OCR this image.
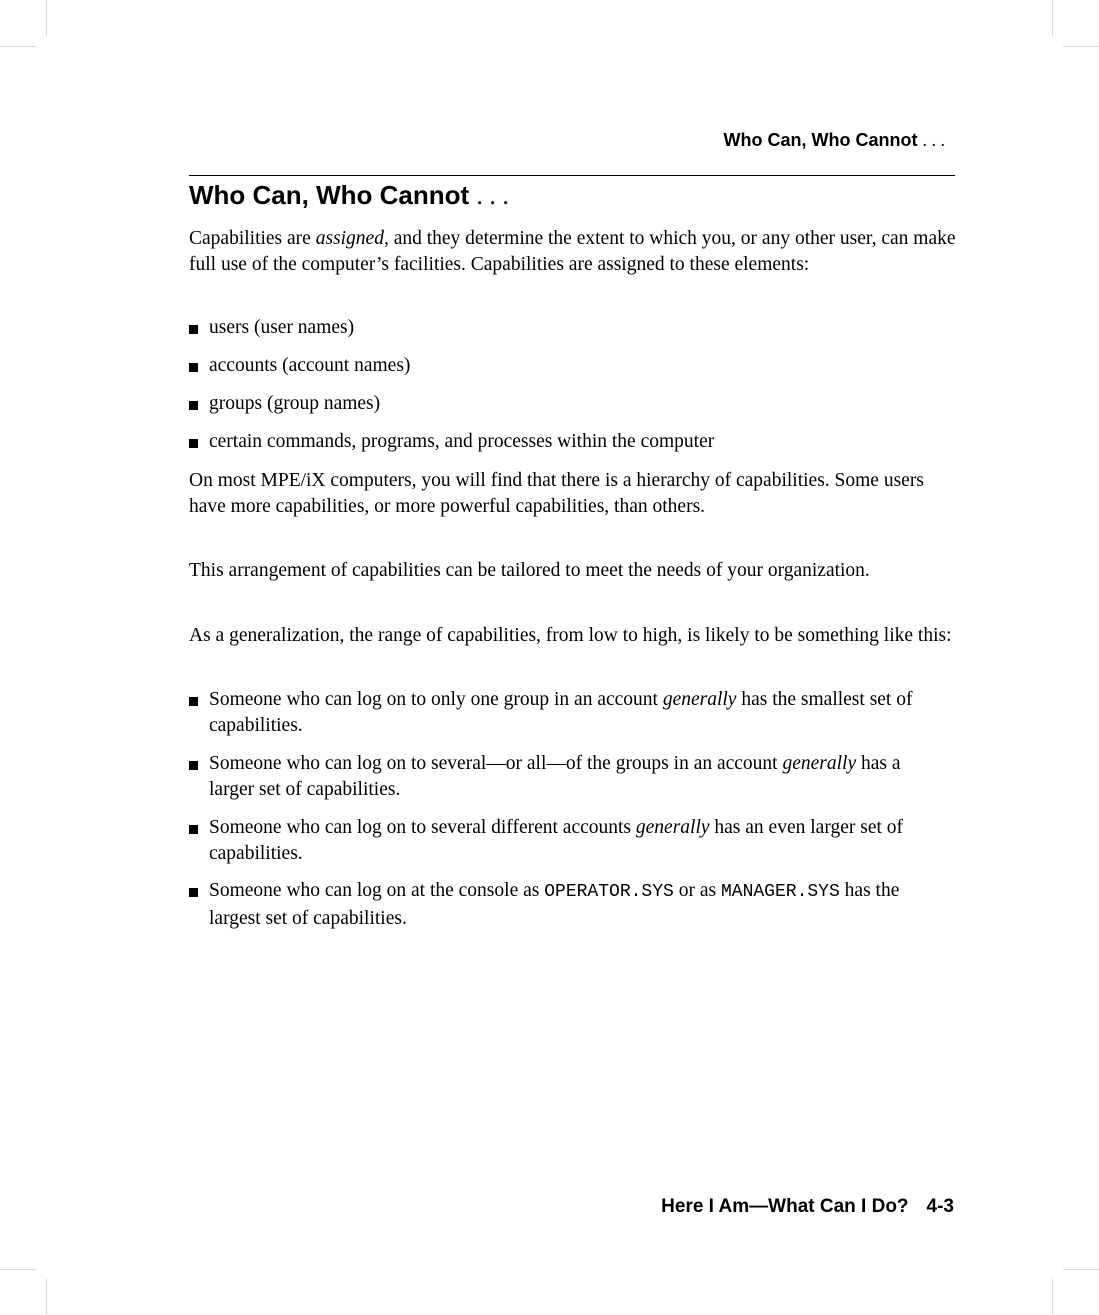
Who Can, Who Cannot . . .
Who Can, Who Cannot . . .

Capabilities are assigned, and they determine the extent to which you, or any other user, can make full use of the computer’s facilities. Capabilities are assigned to these elements:

users (user names)
accounts (account names)
groups (group names)
certain commands, programs, and processes within the computer

On most MPE/iX computers, you will find that there is a hierarchy of capabilities. Some users have more capabilities, or more powerful capabilities, than others.

This arrangement of capabilities can be tailored to meet the needs of your organization.

As a generalization, the range of capabilities, from low to high, is likely to be something like this:

Someone who can log on to only one group in an account generally has the smallest set of capabilities.
Someone who can log on to several—or all—of the groups in an account generally has a larger set of capabilities.
Someone who can log on to several different accounts generally has an even larger set of capabilities.
Someone who can log on at the console as OPERATOR.SYS or as MANAGER.SYS has the largest set of capabilities.
Here I Am—What Can I Do? 4-3
